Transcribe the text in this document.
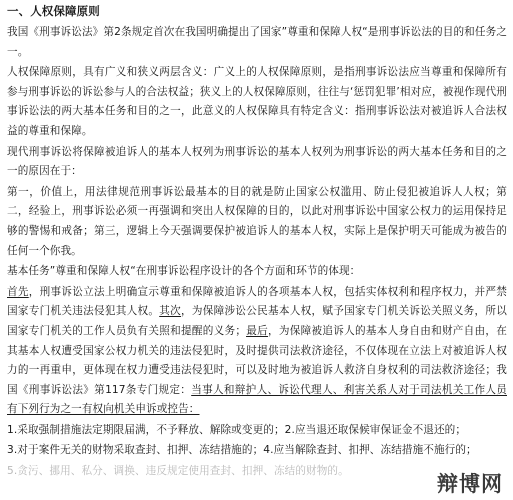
一、人权保障原则
我国《刑事诉讼法》第2条规定首次在我国明确提出了国家”尊重和保障人权“是刑事诉讼法的目的和任务之一。
人权保障原则，具有广义和狭义两层含义：广义上的人权保障原则，是指刑事诉讼法应当尊重和保障所有参与刑事诉讼的诉讼参与人的合法权益；狭义上的人权保障原则，往往与‘惩罚犯罪’相对应，被视作现代刑事诉讼法的两大基本任务和目的之一，此意义的人权保障具有特定含义：指刑事诉讼法对被追诉人合法权益的尊重和保障。
现代刑事诉讼将保障被追诉人的基本人权列为刑事诉讼的基本人权列为刑事诉讼的两大基本任务和目的之一的原因在于：
第一，价值上，用法律规范刑事诉讼最基本的目的就是防止国家公权滥用、防止侵犯被追诉人人权；第二，经验上，刑事诉讼必须一再强调和突出人权保障的目的，以此对刑事诉讼中国家公权力的运用保持足够的警惕和戒备；第三，逻辑上今天强调要保护被追诉人的基本人权，实际上是保护明天可能成为被告的任何一个你我。
基本任务”尊重和保障人权“在刑事诉讼程序设计的各个方面和环节的体现：
首先，刑事诉讼立法上明确宣示尊重和保障被追诉人的各项基本人权，包括实体权利和程序权力，并严禁国家专门机关违法侵犯其人权。其次，为保障涉讼公民基本人权，赋予国家专门机关诉讼关照义务，所以国家专门机关的工作人员负有关照和提醒的义务；最后，为保障被追诉人的基本人身自由和财产自由，在其基本人权遭受国家公权力机关的违法侵犯时，及时提供司法救济途径，不仅体现在立法上对被追诉人权力的一再重申，更体现在权力遭受违法侵犯时，可以及时地为被追诉人救济自身权利的司法救济途径；我国《刑事诉讼法》第117条专门规定：当事人和辩护人、诉讼代理人、利害关系人对于司法机关工作人员有下列行为之一有权向机关申诉或控告：
1.采取强制措施法定期限届满，不予释放、解除或变更的；2.应当退还取保候审保证金不退还的；
3.对于案件无关的财物采取查封、扣押、冻结措施的；4.应当解除查封、扣押、冻结措施不施行的；
5.贪污、挪用、私分、调换、违反规定使用查封、扣押、冻结的财物的。
辩博网
